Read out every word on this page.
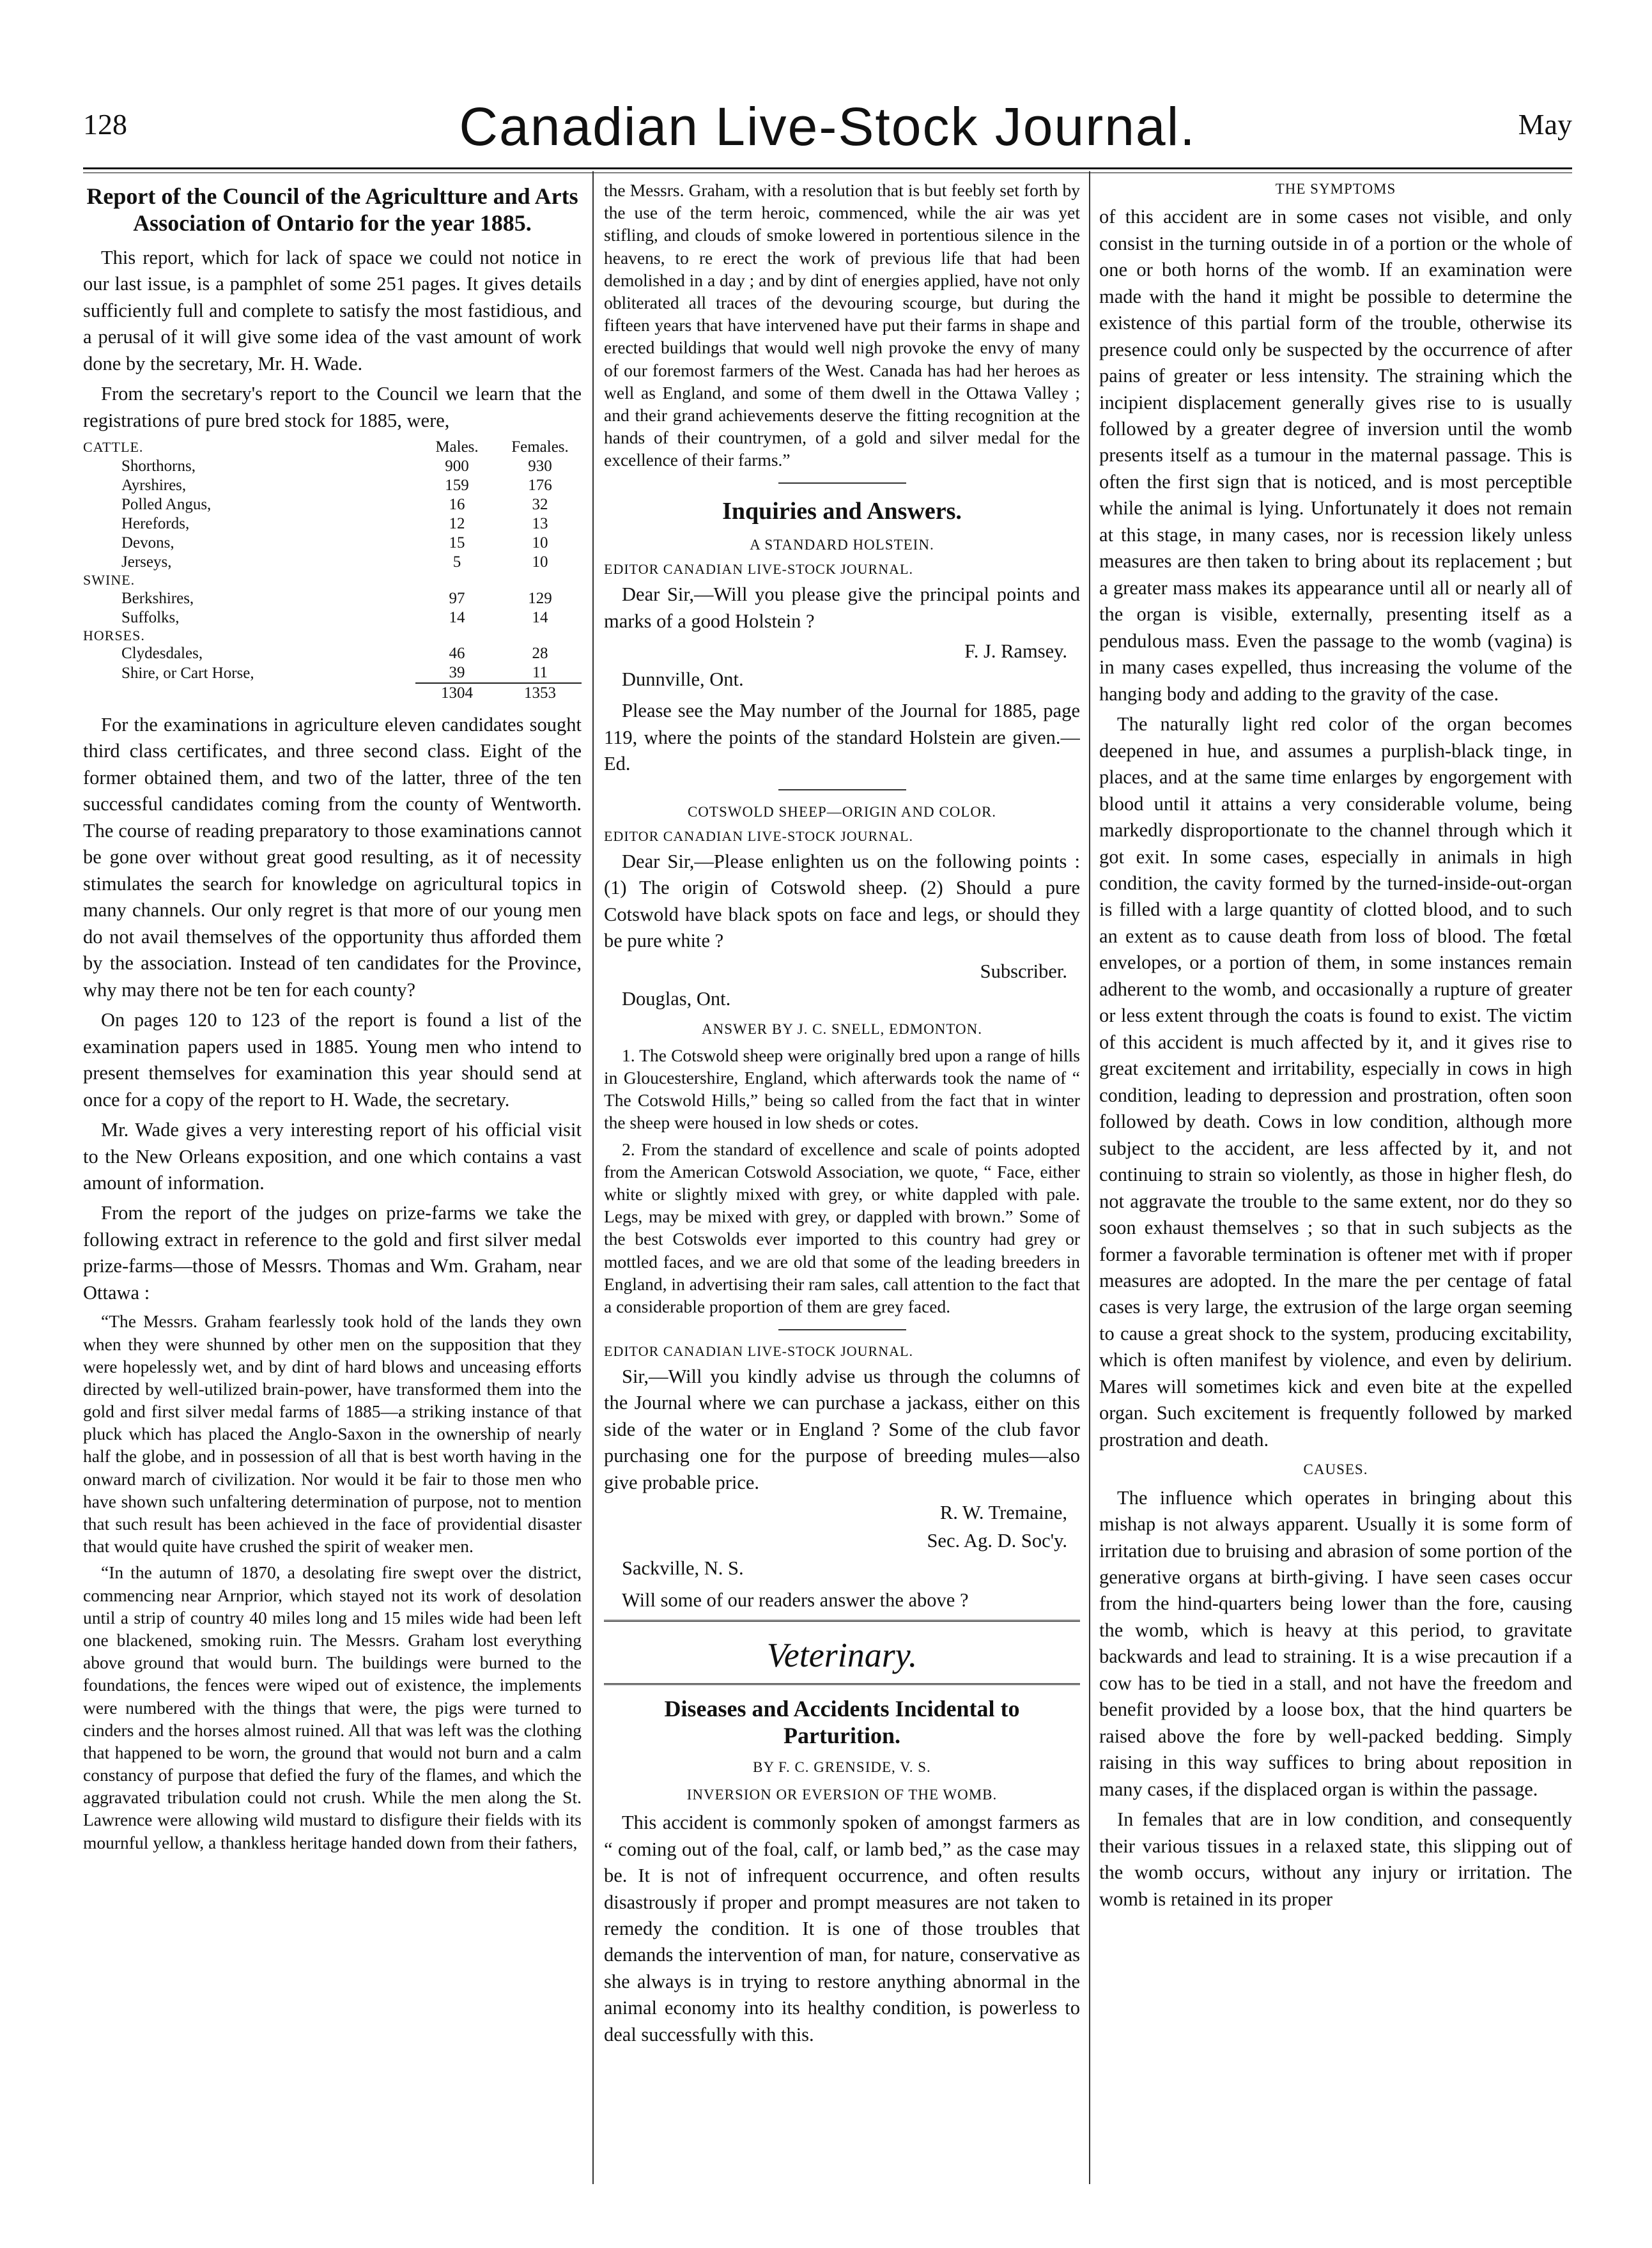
128	Canadian Live-Stock Journal.	May
Report of the Council of the Agricultture and Arts Association of Ontario for the year 1885.

This report, which for lack of space we could not notice in our last issue, is a pamphlet of some 251 pages. It gives details sufficiently full and complete to satisfy the most fastidious, and a perusal of it will give some idea of the vast amount of work done by the secretary, Mr. H. Wade.

From the secretary's report to the Council we learn that the registrations of pure bred stock for 1885, were,

CATTLE.	Males.	Females.
Shorthorns,	900	930
Ayrshires,	159	176
Polled Angus,	16	32
Herefords,	12	13
Devons,	15	10
Jerseys,	5	10
SWINE.		
Berkshires,	97	129
Suffolks,	14	14
HORSES.		
Clydesdales,	46	28
Shire, or Cart Horse,	39	11
	1304	1353

For the examinations in agriculture eleven candidates sought third class certificates, and three second class. Eight of the former obtained them, and two of the latter, three of the ten successful candidates coming from the county of Wentworth. The course of reading preparatory to those examinations cannot be gone over without great good resulting, as it of necessity stimulates the search for knowledge on agricultural topics in many channels. Our only regret is that more of our young men do not avail themselves of the opportunity thus afforded them by the association. Instead of ten candidates for the Province, why may there not be ten for each county?

On pages 120 to 123 of the report is found a list of the examination papers used in 1885. Young men who intend to present themselves for examination this year should send at once for a copy of the report to H. Wade, the secretary.

Mr. Wade gives a very interesting report of his official visit to the New Orleans exposition, and one which contains a vast amount of information.

From the report of the judges on prize-farms we take the following extract in reference to the gold and first silver medal prize-farms—those of Messrs. Thomas and Wm. Graham, near Ottawa :

“The Messrs. Graham fearlessly took hold of the lands they own when they were shunned by other men on the supposition that they were hopelessly wet, and by dint of hard blows and unceasing efforts directed by well-utilized brain-power, have transformed them into the gold and first silver medal farms of 1885—a striking instance of that pluck which has placed the Anglo-Saxon in the ownership of nearly half the globe, and in possession of all that is best worth having in the onward march of civilization. Nor would it be fair to those men who have shown such unfaltering determination of purpose, not to mention that such result has been achieved in the face of providential disaster that would quite have crushed the spirit of weaker men.

“In the autumn of 1870, a desolating fire swept over the district, commencing near Arnprior, which stayed not its work of desolation until a strip of country 40 miles long and 15 miles wide had been left one blackened, smoking ruin. The Messrs. Graham lost everything above ground that would burn. The buildings were burned to the foundations, the fences were wiped out of existence, the implements were numbered with the things that were, the pigs were turned to cinders and the horses almost ruined. All that was left was the clothing that happened to be worn, the ground that would not burn and a calm constancy of purpose that defied the fury of the flames, and which the aggravated tribulation could not crush. While the men along the St. Lawrence were allowing wild mustard to disfigure their fields with its mournful yellow, a thankless heritage handed down from their fathers,

the Messrs. Graham, with a resolution that is but feebly set forth by the use of the term heroic, commenced, while the air was yet stifling, and clouds of smoke lowered in portentious silence in the heavens, to re erect the work of previous life that had been demolished in a day ; and by dint of energies applied, have not only obliterated all traces of the devouring scourge, but during the fifteen years that have intervened have put their farms in shape and erected buildings that would well nigh provoke the envy of many of our foremost farmers of the West. Canada has had her heroes as well as England, and some of them dwell in the Ottawa Valley ; and their grand achievements deserve the fitting recognition at the hands of their countrymen, of a gold and silver medal for the excellence of their farms.”

Inquiries and Answers.
A STANDARD HOLSTEIN.
EDITOR CANADIAN LIVE-STOCK JOURNAL.

Dear Sir,—Will you please give the principal points and marks of a good Holstein ?

F. J. Ramsey.
Dunnville, Ont.

Please see the May number of the Journal for 1885, page 119, where the points of the standard Holstein are given.—Ed.

COTSWOLD SHEEP—ORIGIN AND COLOR.
EDITOR CANADIAN LIVE-STOCK JOURNAL.

Dear Sir,—Please enlighten us on the following points : (1) The origin of Cotswold sheep. (2) Should a pure Cotswold have black spots on face and legs, or should they be pure white ?

Subscriber.
Douglas, Ont.
ANSWER BY J. C. SNELL, EDMONTON.

1. The Cotswold sheep were originally bred upon a range of hills in Gloucestershire, England, which afterwards took the name of “ The Cotswold Hills,” being so called from the fact that in winter the sheep were housed in low sheds or cotes.

2. From the standard of excellence and scale of points adopted from the American Cotswold Association, we quote, “ Face, either white or slightly mixed with grey, or white dappled with pale. Legs, may be mixed with grey, or dappled with brown.” Some of the best Cotswolds ever imported to this country had grey or mottled faces, and we are old that some of the leading breeders in England, in advertising their ram sales, call attention to the fact that a considerable proportion of them are grey faced.

EDITOR CANADIAN LIVE-STOCK JOURNAL.

Sir,—Will you kindly advise us through the columns of the Journal where we can purchase a jackass, either on this side of the water or in England ? Some of the club favor purchasing one for the purpose of breeding mules—also give probable price.

R. W. Tremaine,
Sec. Ag. D. Soc'y.
Sackville, N. S.

Will some of our readers answer the above ?

Veterinary.
Diseases and Accidents Incidental to Parturition.
BY F. C. GRENSIDE, V. S.
INVERSION OR EVERSION OF THE WOMB.

This accident is commonly spoken of amongst farmers as “ coming out of the foal, calf, or lamb bed,” as the case may be. It is not of infrequent occurrence, and often results disastrously if proper and prompt measures are not taken to remedy the condition. It is one of those troubles that demands the intervention of man, for nature, conservative as she always is in trying to restore anything abnormal in the animal economy into its healthy condition, is powerless to deal successfully with this.

THE SYMPTOMS

of this accident are in some cases not visible, and only consist in the turning outside in of a portion or the whole of one or both horns of the womb. If an examination were made with the hand it might be possible to determine the existence of this partial form of the trouble, otherwise its presence could only be suspected by the occurrence of after pains of greater or less intensity. The straining which the incipient displacement generally gives rise to is usually followed by a greater degree of inversion until the womb presents itself as a tumour in the maternal passage. This is often the first sign that is noticed, and is most perceptible while the animal is lying. Unfortunately it does not remain at this stage, in many cases, nor is recession likely unless measures are then taken to bring about its replacement ; but a greater mass makes its appearance until all or nearly all of the organ is visible, externally, presenting itself as a pendulous mass. Even the passage to the womb (vagina) is in many cases expelled, thus increasing the volume of the hanging body and adding to the gravity of the case.

The naturally light red color of the organ becomes deepened in hue, and assumes a purplish-black tinge, in places, and at the same time enlarges by engorgement with blood until it attains a very considerable volume, being markedly disproportionate to the channel through which it got exit. In some cases, especially in animals in high condition, the cavity formed by the turned-inside-out-organ is filled with a large quantity of clotted blood, and to such an extent as to cause death from loss of blood. The fœtal envelopes, or a portion of them, in some instances remain adherent to the womb, and occasionally a rupture of greater or less extent through the coats is found to exist. The victim of this accident is much affected by it, and it gives rise to great excitement and irritability, especially in cows in high condition, leading to depression and prostration, often soon followed by death. Cows in low condition, although more subject to the accident, are less affected by it, and not continuing to strain so violently, as those in higher flesh, do not aggravate the trouble to the same extent, nor do they so soon exhaust themselves ; so that in such subjects as the former a favorable termination is oftener met with if proper measures are adopted. In the mare the per centage of fatal cases is very large, the extrusion of the large organ seeming to cause a great shock to the system, producing excitability, which is often manifest by violence, and even by delirium. Mares will sometimes kick and even bite at the expelled organ. Such excitement is frequently followed by marked prostration and death.

CAUSES.

The influence which operates in bringing about this mishap is not always apparent. Usually it is some form of irritation due to bruising and abrasion of some portion of the generative organs at birth-giving. I have seen cases occur from the hind-quarters being lower than the fore, causing the womb, which is heavy at this period, to gravitate backwards and lead to straining. It is a wise precaution if a cow has to be tied in a stall, and not have the freedom and benefit provided by a loose box, that the hind quarters be raised above the fore by well-packed bedding. Simply raising in this way suffices to bring about reposition in many cases, if the displaced organ is within the passage.

In females that are in low condition, and consequently their various tissues in a relaxed state, this slipping out of the womb occurs, without any injury or irritation. The womb is retained in its proper
